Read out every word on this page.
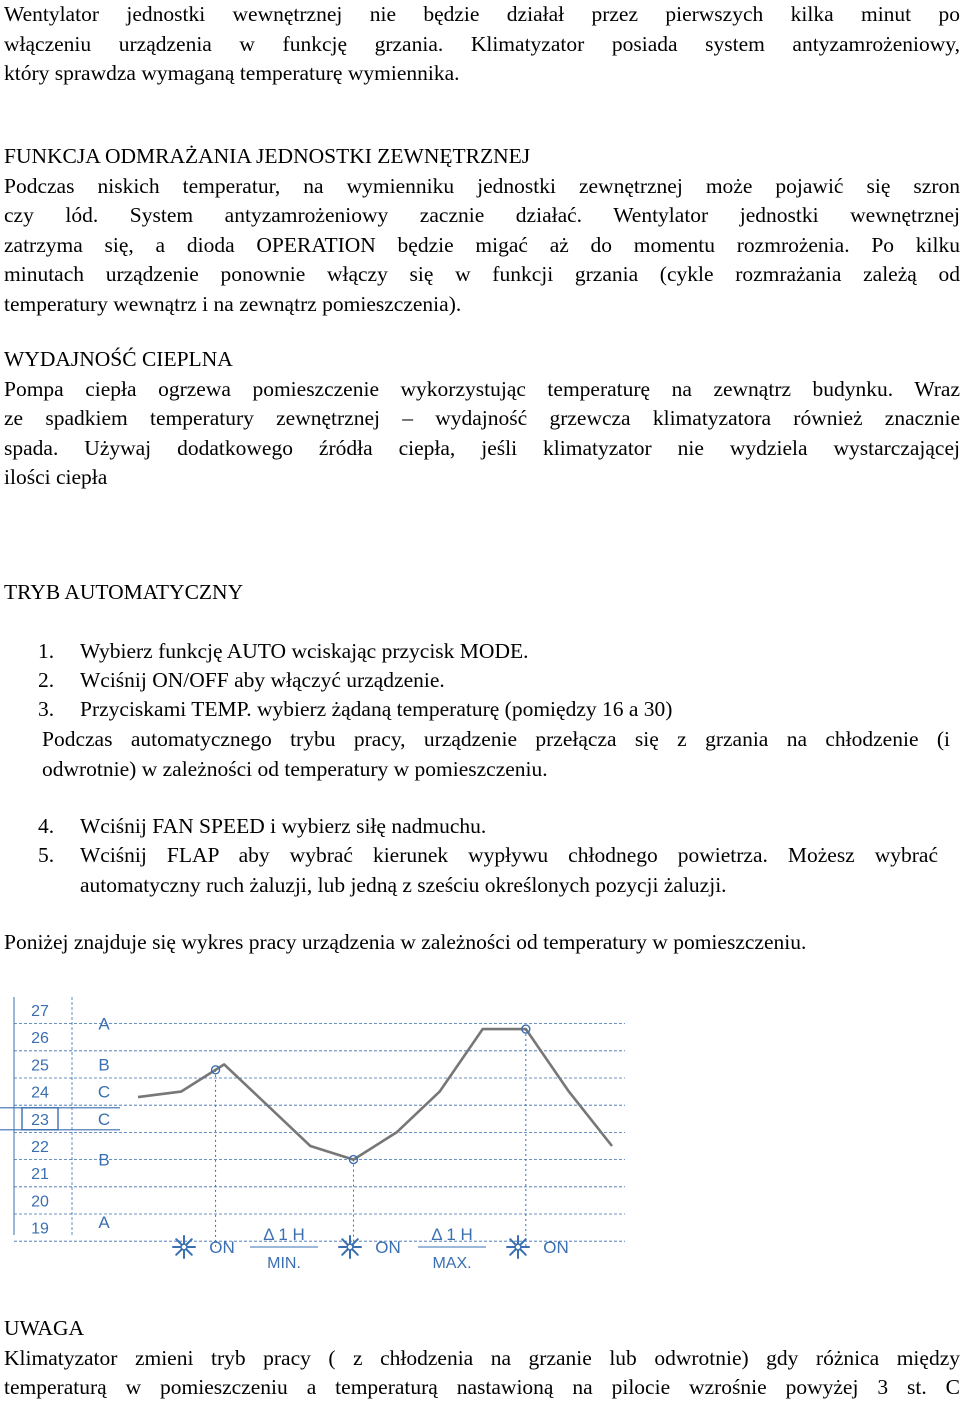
Wentylator jednostki wewnętrznej nie będzie działał przez pierwszych kilka minut po
włączeniu urządzenia w funkcję grzania. Klimatyzator posiada system antyzamrożeniowy,
który sprawdza wymaganą temperaturę wymiennika.
FUNKCJA ODMRAŻANIA JEDNOSTKI ZEWNĘTRZNEJ
Podczas niskich temperatur, na wymienniku jednostki zewnętrznej może pojawić się szron
czy lód. System antyzamrożeniowy zacznie działać. Wentylator jednostki wewnętrznej
zatrzyma się, a dioda OPERATION będzie migać aż do momentu rozmrożenia. Po kilku
minutach urządzenie ponownie włączy się w funkcji grzania (cykle rozmrażania zależą od
temperatury wewnątrz i na zewnątrz pomieszczenia).
WYDAJNOŚĆ CIEPLNA
Pompa ciepła ogrzewa pomieszczenie wykorzystując temperaturę na zewnątrz budynku. Wraz
ze spadkiem temperatury zewnętrznej – wydajność grzewcza klimatyzatora również znacznie
spada. Używaj dodatkowego źródła ciepła, jeśli klimatyzator nie wydziela wystarczającej
ilości ciepła
TRYB AUTOMATYCZNY
1.	Wybierz funkcję AUTO wciskając przycisk MODE.
2.	Wciśnij ON/OFF aby włączyć urządzenie.
3.	Przyciskami TEMP. wybierz żądaną temperaturę (pomiędzy 16 a 30)
Podczas automatycznego trybu pracy, urządzenie przełącza się z grzania na chłodzenie (i
odwrotnie) w zależności od temperatury w pomieszczeniu.
4.	Wciśnij FAN SPEED i wybierz siłę nadmuchu.
5.	Wciśnij FLAP aby wybrać kierunek wypływu chłodnego powietrza. Możesz wybrać
automatyczny ruch żaluzji, lub jedną z sześciu określonych pozycji żaluzji.
Poniżej znajduje się wykres pracy urządzenia w zależności od temperatury w pomieszczeniu.
27
26
25
24
23
22
21
20
19
A
B
C
C
B
A
ON
Δ 1 H
MIN.
ON
Δ 1 H
MAX.
ON
UWAGA
Klimatyzator zmieni tryb pracy ( z chłodzenia na grzanie lub odwrotnie) gdy różnica między
temperaturą w pomieszczeniu a temperaturą nastawioną na pilocie wzrośnie powyżej 3 st. C
